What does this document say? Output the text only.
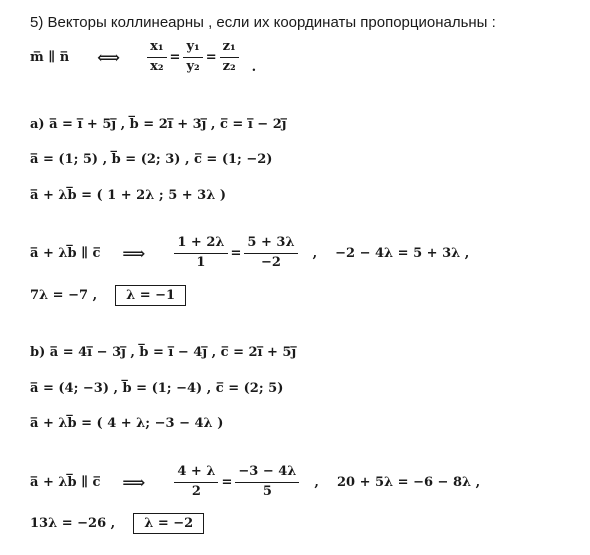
5) Векторы коллинеарны , если их координаты пропорциональны :
m̅ ∥ n̅ ⟺ $\frac{\text{x₁}}{\text{x₂}} = \frac{\text{y₁}}{\text{y₂}} = \frac{\text{z₁}}{\text{z₂}}$ .
a) a̅ = i̅ + 5j̅ , b̅ = 2i̅ + 3j̅ , c̅ = i̅ − 2j̅
a̅ = (1; 5) , b̅ = (2; 3) , c̅ = (1; −2)
a̅ + λb̅ = ( 1 + 2λ ; 5 + 3λ )
a̅ + λb̅ ∥ c̅ ⟹ $\frac{1 + 2\lambda}{1} = \frac{5 + 3\lambda}{-2}$ , −2 − 4λ = 5 + 3λ ,
7λ = −7 ,	λ = −1
b) a̅ = 4i̅ − 3j̅ , b̅ = i̅ − 4j̅ , c̅ = 2i̅ + 5j̅
a̅ = (4; −3) , b̅ = (1; −4) , c̅ = (2; 5)
a̅ + λb̅ = ( 4 + λ; −3 − 4λ )
a̅ + λb̅ ∥ c̅ ⟹ $\frac{4 + \lambda}{2} = \frac{-3 - 4\lambda}{5}$ , 20 + 5λ = −6 − 8λ ,
13λ = −26 ,	λ = −2
